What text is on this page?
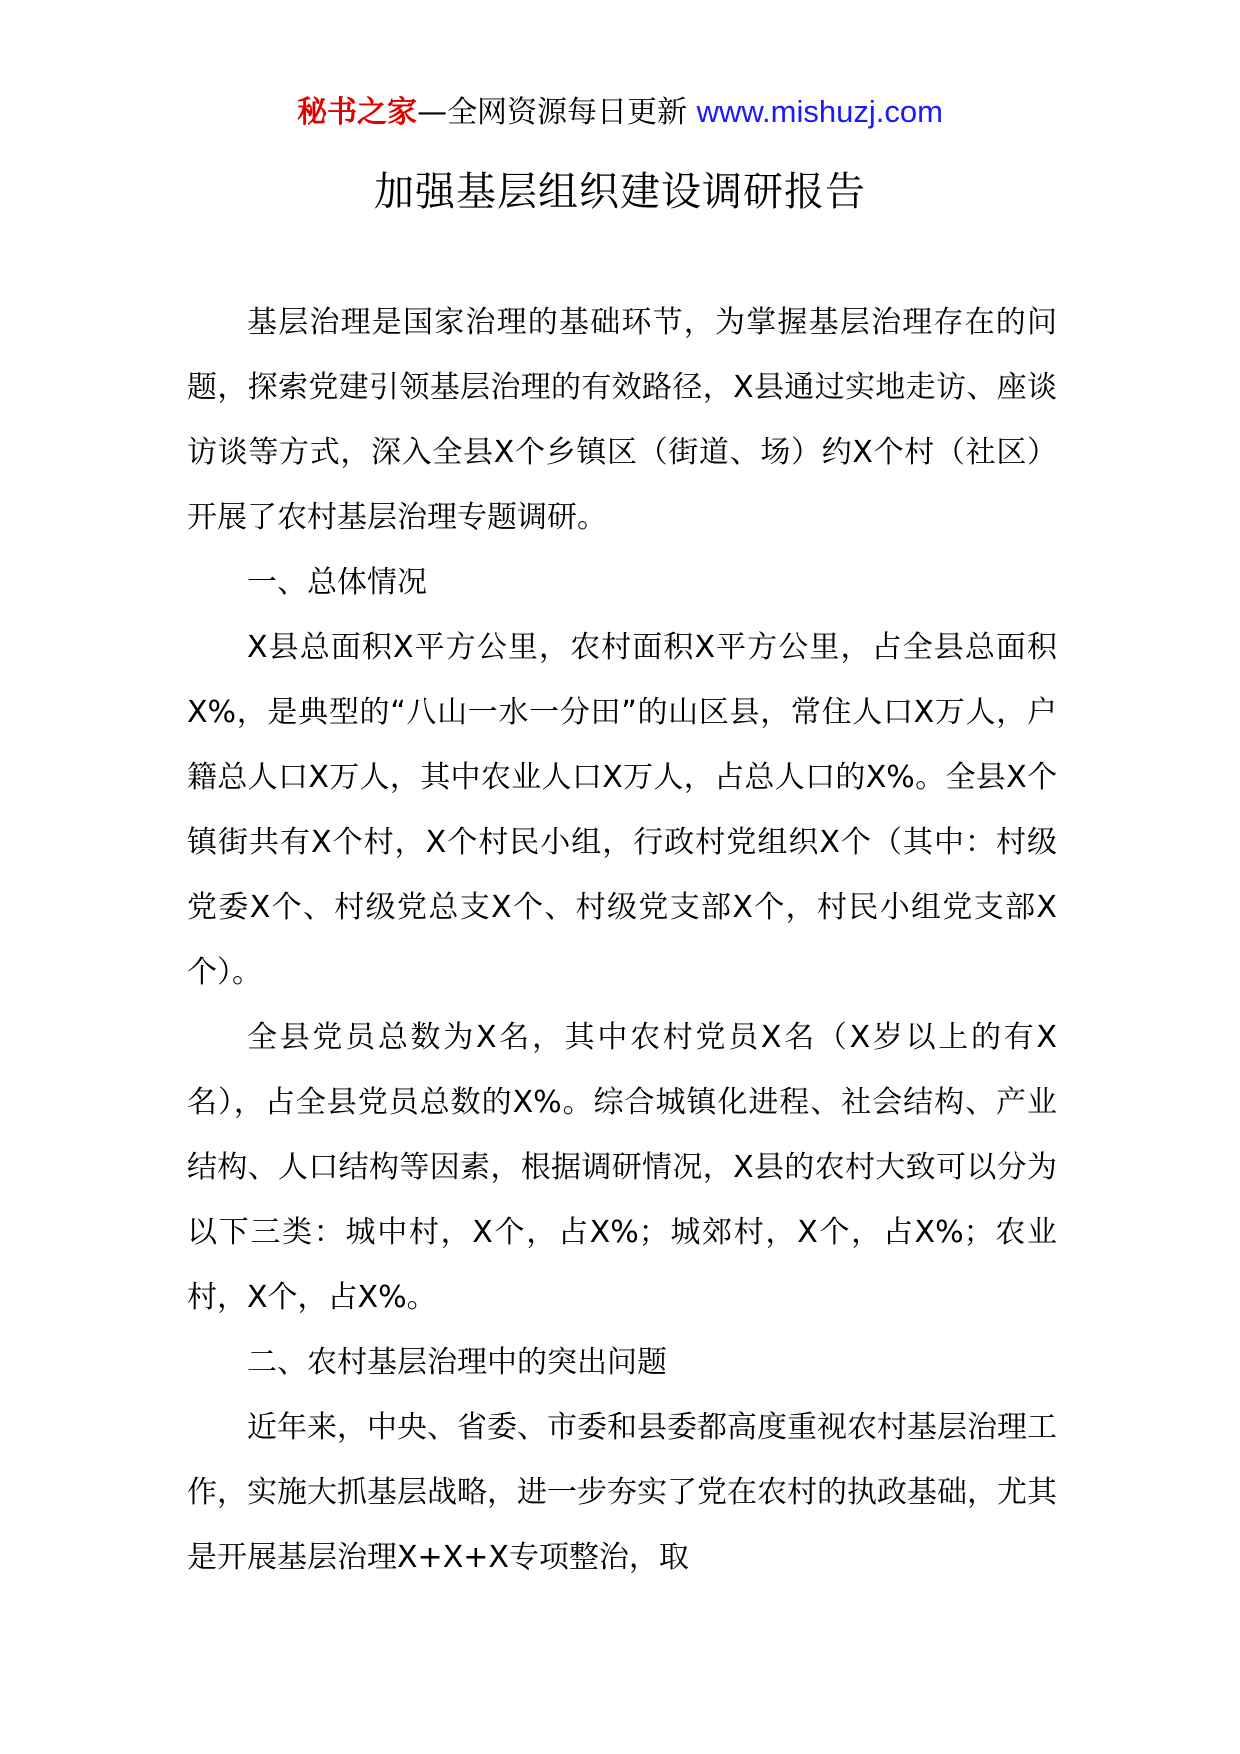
秘书之家—全网资源每日更新 www.mishuzj.com
加强基层组织建设调研报告

基层治理是国家治理的基础环节，为掌握基层治理存在的问题，探索党建引领基层治理的有效路径，X县通过实地走访、座谈访谈等方式，深入全县X个乡镇区（街道、场）约X个村（社区）开展了农村基层治理专题调研。

一、总体情况

X县总面积X平方公里，农村面积X平方公里，占全县总面积X%，是典型的“八山一水一分田”的山区县，常住人口X万人，户籍总人口X万人，其中农业人口X万人，占总人口的X%。全县X个镇街共有X个村，X个村民小组，行政村党组织X个（其中：村级党委X个、村级党总支X个、村级党支部X个，村民小组党支部X个）。

全县党员总数为X名，其中农村党员X名（X岁以上的有X名），占全县党员总数的X%。综合城镇化进程、社会结构、产业结构、人口结构等因素，根据调研情况，X县的农村大致可以分为以下三类：城中村，X个，占X%；城郊村，X个，占X%；农业村，X个，占X%。

二、农村基层治理中的突出问题

近年来，中央、省委、市委和县委都高度重视农村基层治理工作，实施大抓基层战略，进一步夯实了党在农村的执政基础，尤其是开展基层治理X+X+X专项整治，取
